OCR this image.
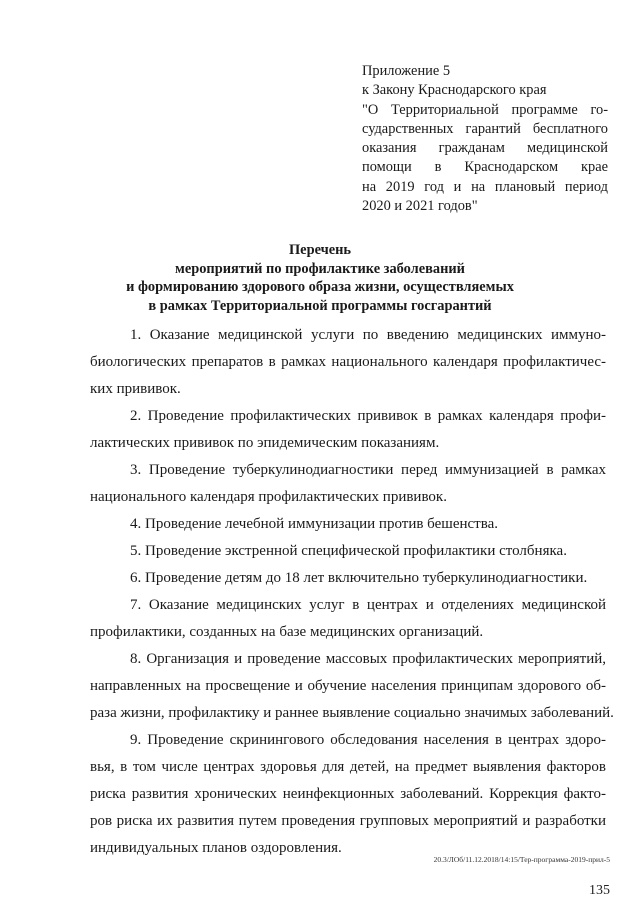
Приложение 5
к Закону Краснодарского края
"О Территориальной программе го-
сударственных гарантий бесплатного
оказания гражданам медицинской
помощи в Краснодарском крае
на 2019 год и на плановый период
2020 и 2021 годов"
Перечень
мероприятий по профилактике заболеваний
и формированию здорового образа жизни, осуществляемых
в рамках Территориальной программы госгарантий
1. Оказание медицинской услуги по введению медицинских иммуно-
биологических препаратов в рамках национального календаря профилактичес-
ких прививок.
2. Проведение профилактических прививок в рамках календаря профи-
лактических прививок по эпидемическим показаниям.
3. Проведение туберкулинодиагностики перед иммунизацией в рамках
национального календаря профилактических прививок.
4. Проведение лечебной иммунизации против бешенства.
5. Проведение экстренной специфической профилактики столбняка.
6. Проведение детям до 18 лет включительно туберкулинодиагностики.
7. Оказание медицинских услуг в центрах и отделениях медицинской
профилактики, созданных на базе медицинских организаций.
8. Организация и проведение массовых профилактических мероприятий,
направленных на просвещение и обучение населения принципам здорового об-
раза жизни, профилактику и раннее выявление социально значимых заболеваний.
9. Проведение скринингового обследования населения в центрах здоро-
вья, в том числе центрах здоровья для детей, на предмет выявления факторов
риска развития хронических неинфекционных заболеваний. Коррекция факто-
ров риска их развития путем проведения групповых мероприятий и разработки
индивидуальных планов оздоровления.
20.3/ЛОб/11.12.2018/14:15/Тер-программа-2019-прил-5
135
